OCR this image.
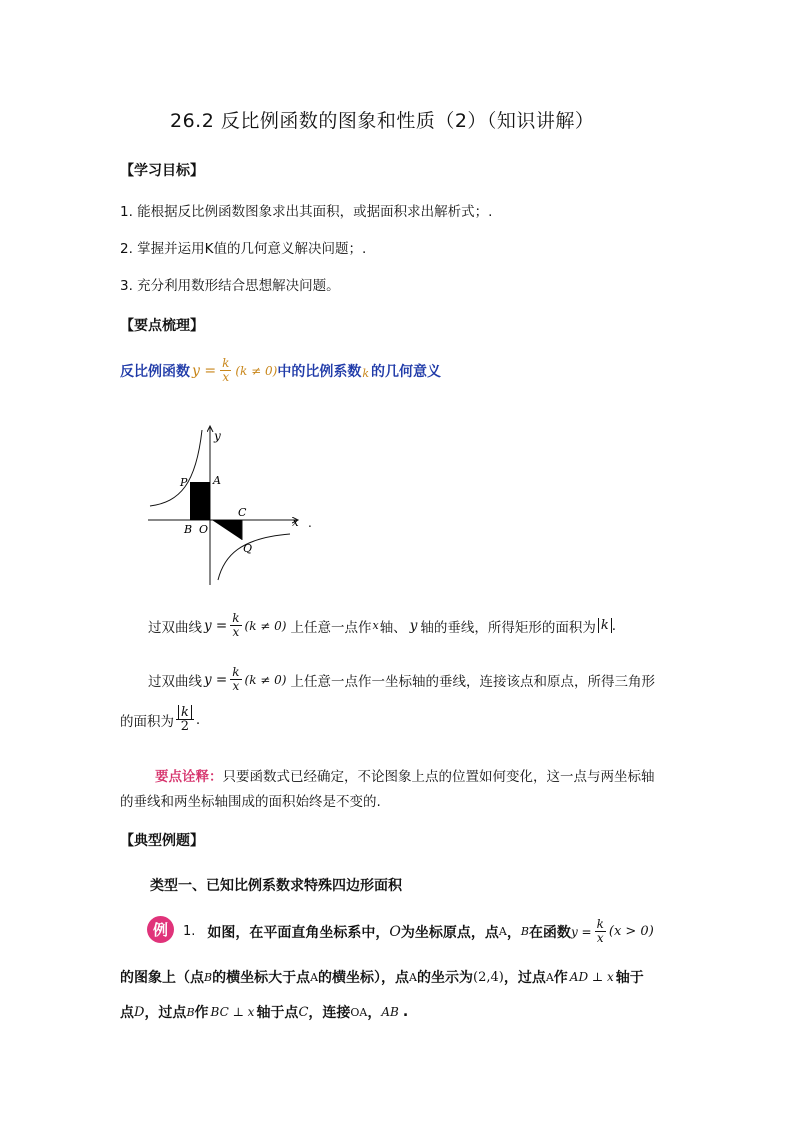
26.2 反比例函数的图象和性质（2）（知识讲解）
【学习目标】
1. 能根据反比例函数图象求出其面积，或据面积求出解析式；.
2. 掌握并运用K值的几何意义解决问题；.
3. 充分利用数形结合思想解决问题。
【要点梳理】
反比例函数 $y = \frac{k}{x} (k \ne 0)$ 中的比例系数 k 的几何意义
y
x
P A
B O
C
Q
.
过双曲线 $y = \frac{k}{x} (k \ne 0)$ 上任意一点作 x 轴、 y 轴的垂线，所得矩形的面积为 k .
过双曲线 $y = \frac{k}{x} (k \ne 0)$ 上任意一点作一坐标轴的垂线，连接该点和原点，所得三角形
的面积为 $\frac{k}{2}$ .
要点诠释：只要函数式已经确定，不论图象上点的位置如何变化，这一点与两坐标轴
的垂线和两坐标轴围成的面积始终是不变的.
【典型例题】
类型一、已知比例系数求特殊四边形面积
例	1. 如图，在平面直角坐标系中， O 为坐标原点，点 A ， B 在函数 $y = \frac{k}{x} (x > 0)$
的图象上（点 B 的横坐标大于点 A 的横坐标），点 A 的坐示为 (2,4) ，过点 A 作 AD ⊥ x 轴于
点 D ，过点 B 作 BC ⊥ x 轴于点 C ，连接 OA ， AB .
